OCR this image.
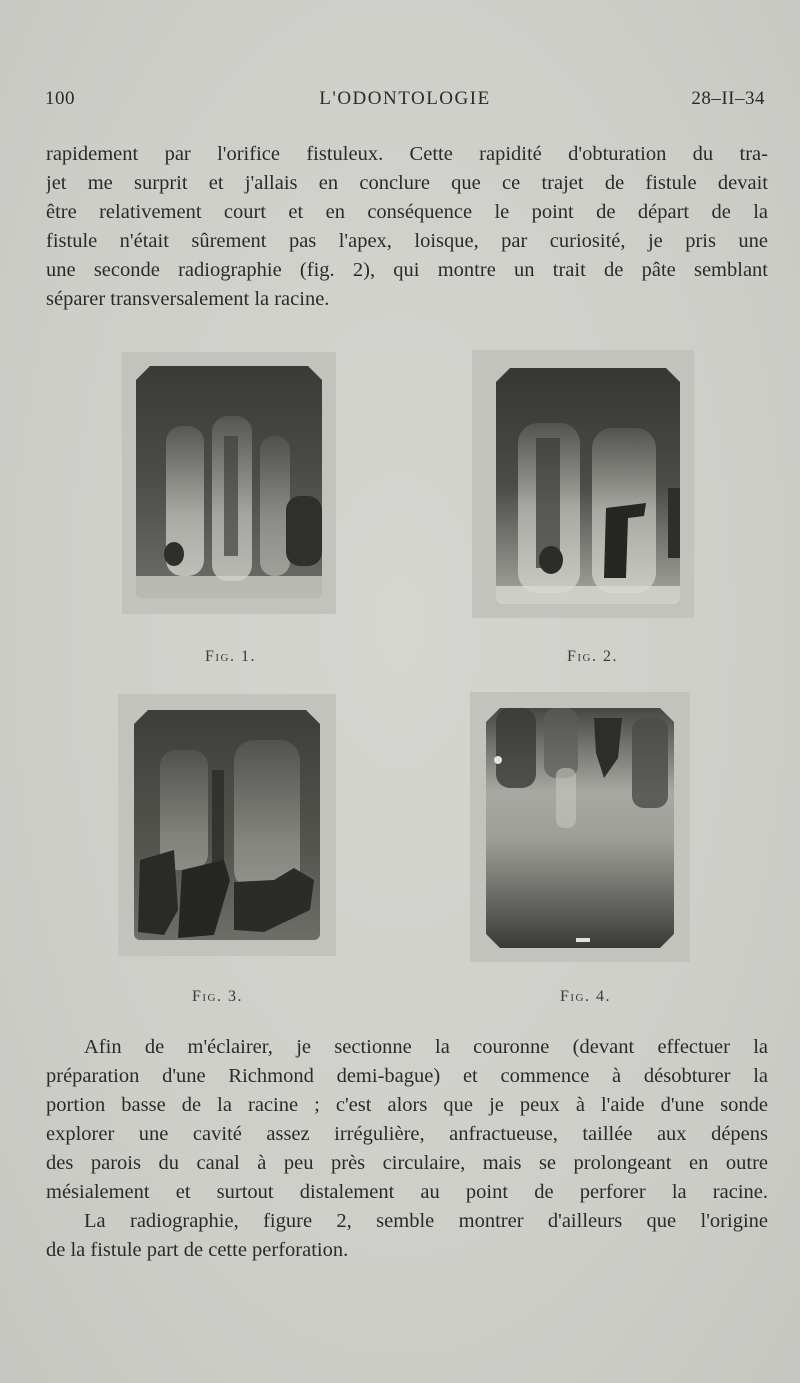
100	L'ODONTOLOGIE	28–II–34
rapidement par l'orifice fistuleux. Cette rapidité d'obturation du tra-
jet me surprit et j'allais en conclure que ce trajet de fistule devait
être relativement court et en conséquence le point de départ de la
fistule n'était sûrement pas l'apex, loisque, par curiosité, je pris une
une seconde radiographie (fig. 2), qui montre un trait de pâte semblant
séparer transversalement la racine.
Fig. 1.	Fig. 2.
Fig. 3.	Fig. 4.
Afin de m'éclairer, je sectionne la couronne (devant effectuer la
préparation d'une Richmond demi-bague) et commence à désobturer la
portion basse de la racine ; c'est alors que je peux à l'aide d'une sonde
explorer une cavité assez irrégulière, anfractueuse, taillée aux dépens
des parois du canal à peu près circulaire, mais se prolongeant en outre
mésialement et surtout distalement au point de perforer la racine.
La radiographie, figure 2, semble montrer d'ailleurs que l'origine
de la fistule part de cette perforation.
